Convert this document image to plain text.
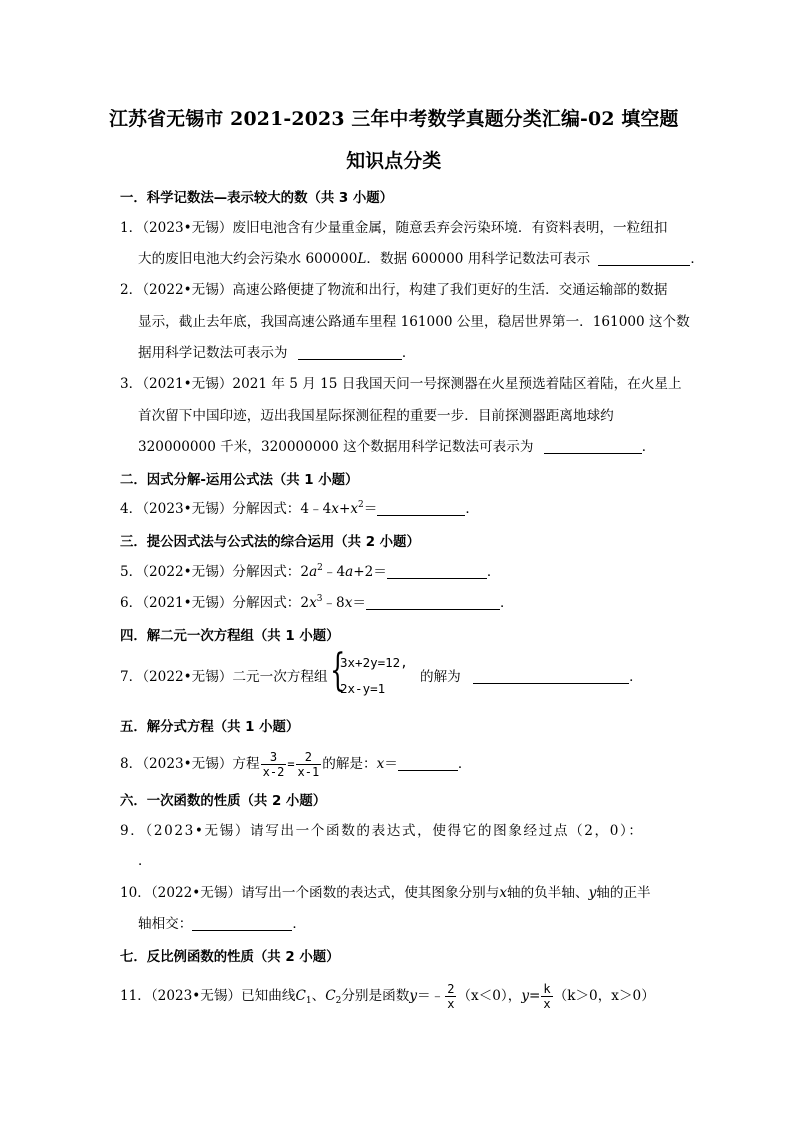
江苏省无锡市 2021-2023 三年中考数学真题分类汇编-02 填空题
知识点分类
一．科学记数法—表示较大的数（共 3 小题）
1．（2023•无锡）废旧电池含有少量重金属，随意丢弃会污染环境．有资料表明，一粒纽扣
大的废旧电池大约会污染水 600000L．数据 600000 用科学记数法可表示	．
2．（2022•无锡）高速公路便捷了物流和出行，构建了我们更好的生活．交通运输部的数据
显示，截止去年底，我国高速公路通车里程 161000 公里，稳居世界第一．161000 这个数
据用科学记数法可表示为	．
3．（2021•无锡）2021 年 5 月 15 日我国天问一号探测器在火星预选着陆区着陆，在火星上
首次留下中国印迹，迈出我国星际探测征程的重要一步．目前探测器距离地球约
320000000 千米，320000000 这个数据用科学记数法可表示为	．
二．因式分解-运用公式法（共 1 小题）
4．（2023•无锡）分解因式：$4﹣4x+x^2=$	．
三．提公因式法与公式法的综合运用（共 2 小题）
5．（2022•无锡）分解因式：$2a^2﹣4a+2=$	．
6．（2021•无锡）分解因式：$2x^3﹣8x=$	．
四．解二元一次方程组（共 1 小题）
7．（2022•无锡）二元一次方程组 {
3x+2y=12,
2x-y=1
的解为	．
五．解分式方程（共 1 小题）
8．（2023•无锡）方程 $\frac{3}{x-2} = \frac{2}{x-1}$ 的解是：x＝	．
六．一次函数的性质（共 2 小题）
9．（2023•无锡）请写出一个函数的表达式，使得它的图象经过点（2，0）：
．
10．（2022•无锡）请写出一个函数的表达式，使其图象分别与x轴的负半轴、y轴的正半
轴相交：	．
七．反比例函数的性质（共 2 小题）
11．（2023•无锡）已知曲线$C_1$、$C_2$分别是函数y＝﹣ $\frac{2}{x} (x<0)$，$y= \frac{k}{x} (k>0$，x＞0）
